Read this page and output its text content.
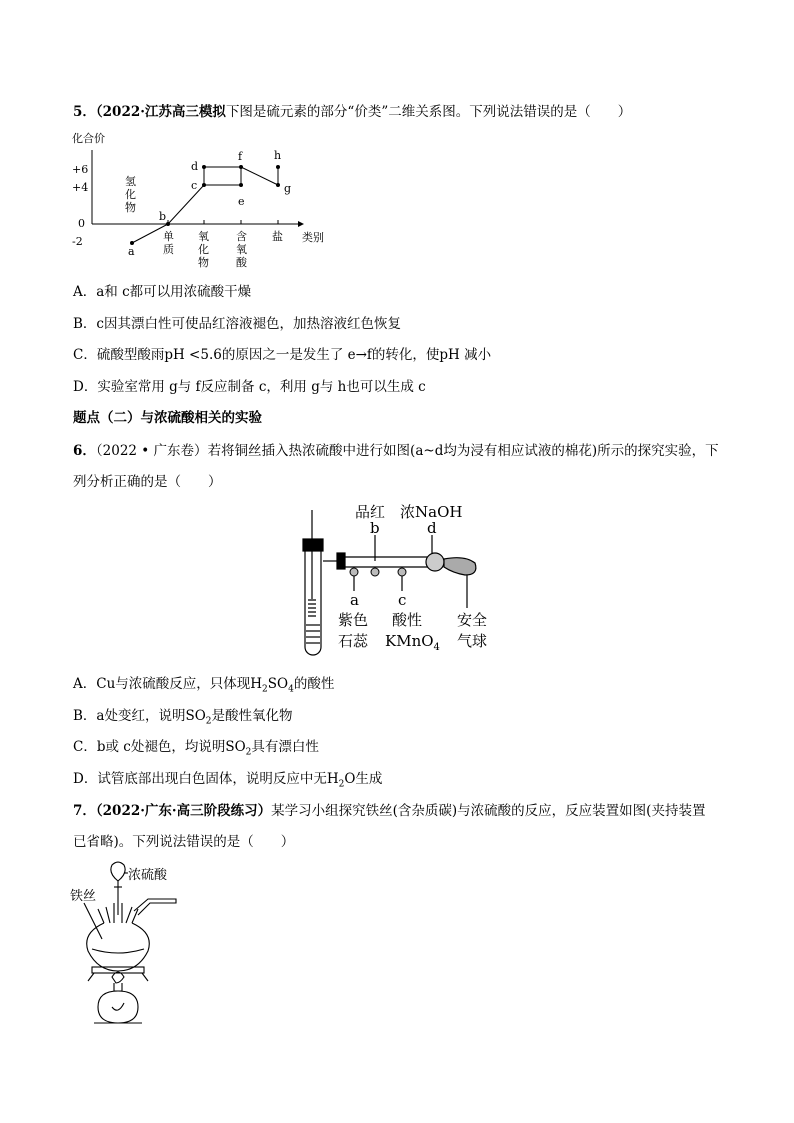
5．（2022·江苏高三模拟下图是硫元素的部分“价类”二维关系图。下列说法错误的是（　　）
化合价
+6
+4
0
-2	类别
氢
化
物
单
质
氧
化
物
含
氧
酸
盐
a
b
c
d
e
f
g
h
A．a和 c都可以用浓硫酸干燥
B．c因其漂白性可使品红溶液褪色，加热溶液红色恢复
C．硫酸型酸雨pH <5.6的原因之一是发生了 e→f的转化，使pH 减小
D．实验室常用 g与 f反应制备 c，利用 g与 h也可以生成 c
题点（二）与浓硫酸相关的实验
6．（2022 • 广东卷）若将铜丝插入热浓硫酸中进行如图(a~d均为浸有相应试液的棉花)所示的探究实验，下
列分析正确的是（　　）
品红 浓NaOH
b	d
a	c
紫色
石蕊
酸性
KMnO$_4$
安全
气球
A．Cu与浓硫酸反应，只体现$H_2SO_4$的酸性
B．a处变红，说明$SO_2$是酸性氧化物
C．b或 c处褪色，均说明$SO_2$具有漂白性
D．试管底部出现白色固体，说明反应中无$H_2O$生成
7．（2022·广东·高三阶段练习）某学习小组探究铁丝(含杂质碳)与浓硫酸的反应，反应装置如图(夹持装置
已省略)。下列说法错误的是（　　）
浓硫酸
铁丝
